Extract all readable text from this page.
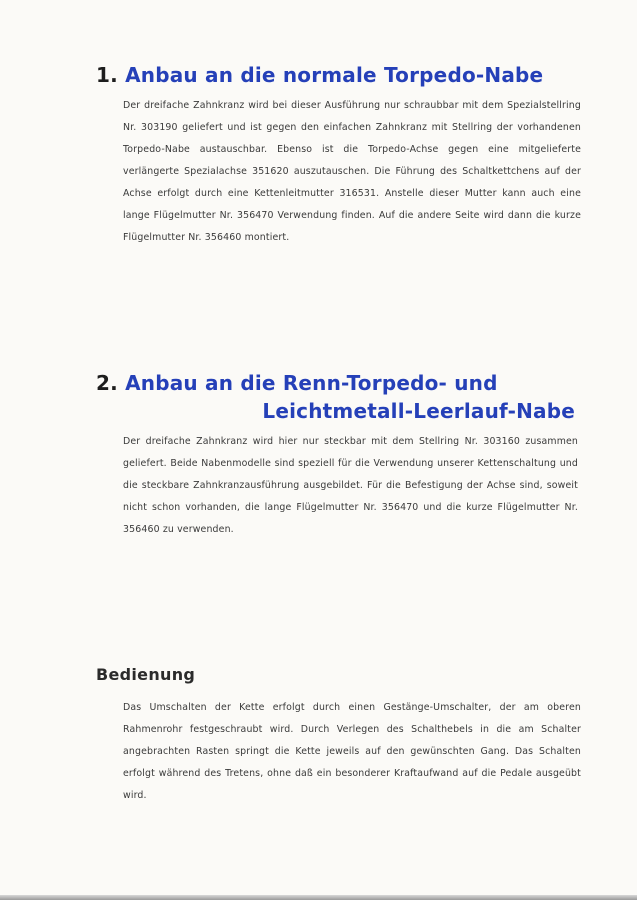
1. Anbau an die normale Torpedo-Nabe

Der dreifache Zahnkranz wird bei dieser Ausführung nur schraubbar mit dem Spezialstellring Nr. 303190 geliefert und ist gegen den einfachen Zahnkranz mit Stellring der vorhandenen Torpedo-Nabe austauschbar. Ebenso ist die Torpedo-Achse gegen eine mitgelieferte verlängerte Spezialachse 351620 auszutauschen. Die Führung des Schaltkettchens auf der Achse erfolgt durch eine Kettenleitmutter 316531. Anstelle dieser Mutter kann auch eine lange Flügelmutter Nr. 356470 Verwendung finden. Auf die andere Seite wird dann die kurze Flügelmutter Nr. 356460 montiert.

2. Anbau an die Renn-Torpedo- und
Leichtmetall-Leerlauf-Nabe

Der dreifache Zahnkranz wird hier nur steckbar mit dem Stellring Nr. 303160 zusammen geliefert. Beide Nabenmodelle sind speziell für die Verwendung unserer Kettenschaltung und die steckbare Zahnkranzausführung ausgebildet. Für die Befestigung der Achse sind, soweit nicht schon vorhanden, die lange Flügelmutter Nr. 356470 und die kurze Flügelmutter Nr. 356460 zu verwenden.

Bedienung

Das Umschalten der Kette erfolgt durch einen Gestänge-Umschalter, der am oberen Rahmenrohr festgeschraubt wird. Durch Verlegen des Schalthebels in die am Schalter angebrachten Rasten springt die Kette jeweils auf den gewünschten Gang. Das Schalten erfolgt während des Tretens, ohne daß ein besonderer Kraftaufwand auf die Pedale ausgeübt wird.
